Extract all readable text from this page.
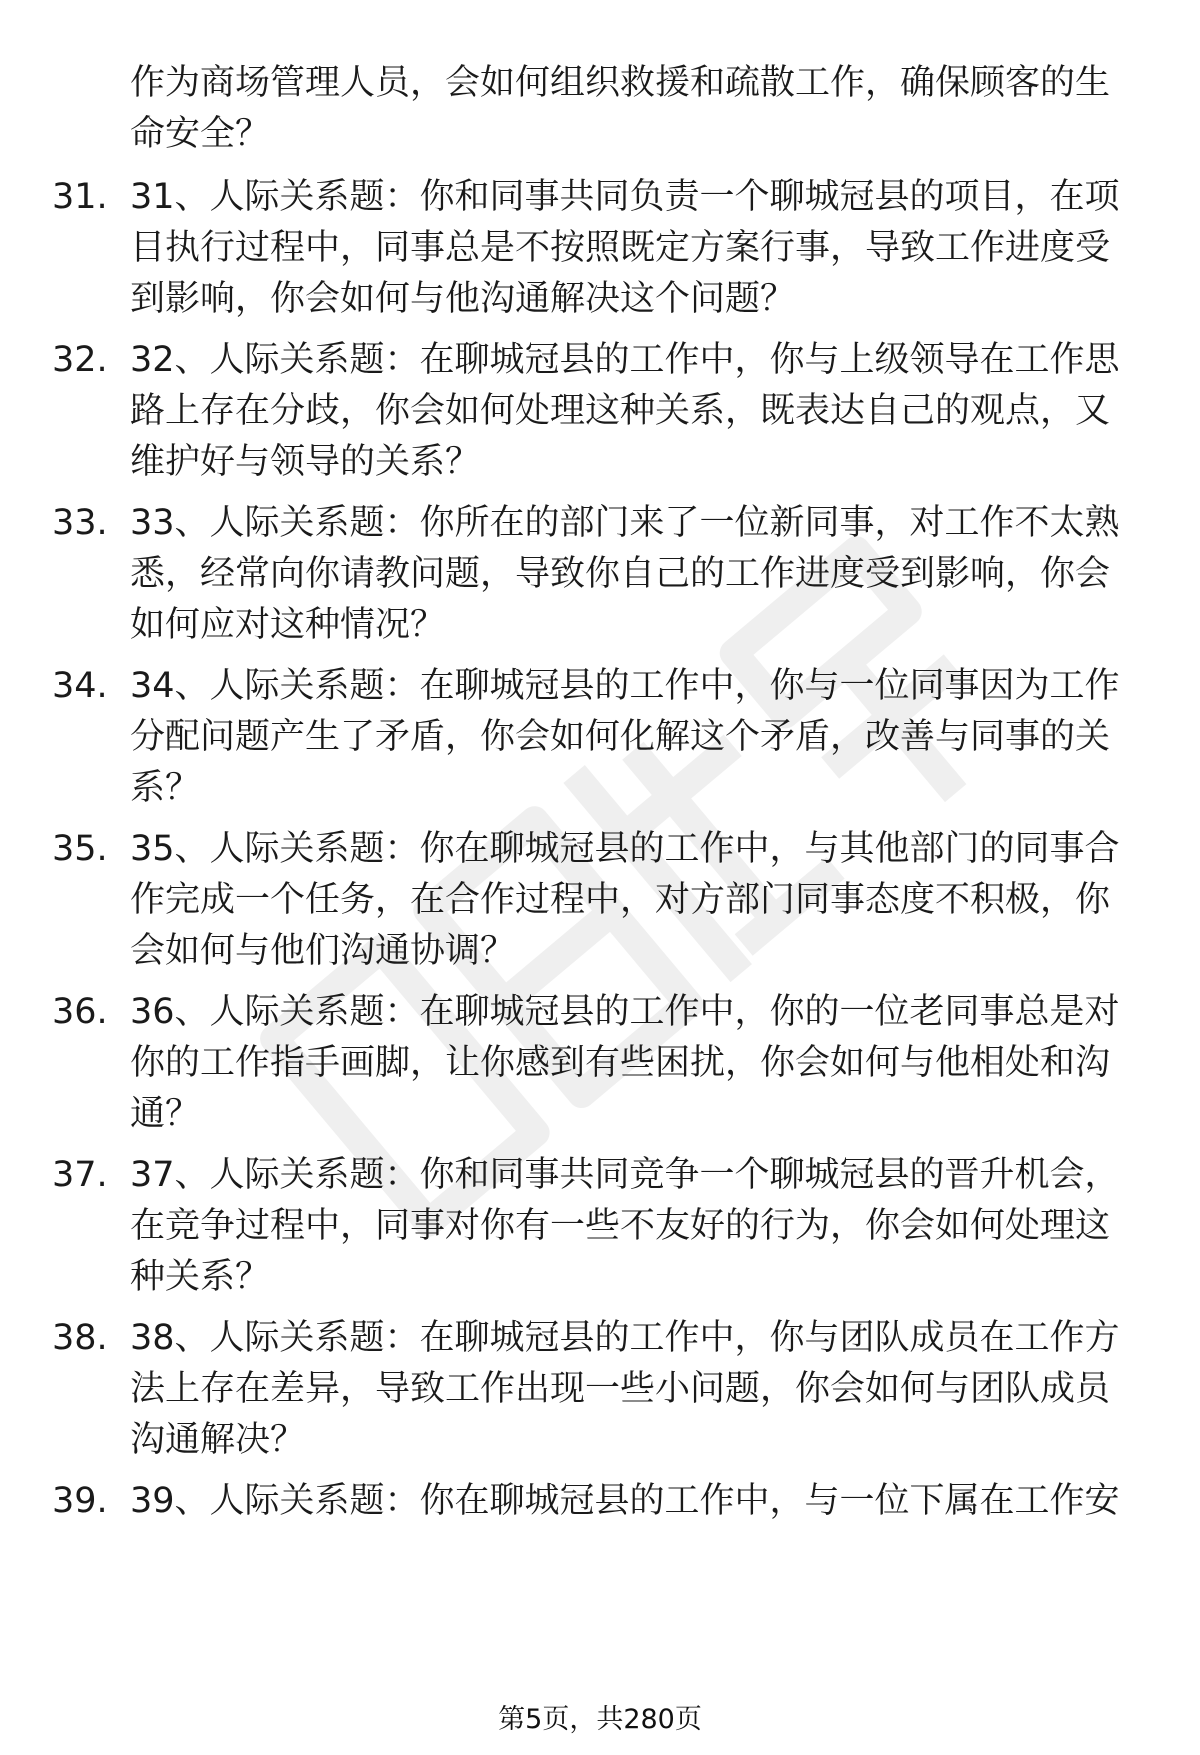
作为商场管理人员，会如何组织救援和疏散工作，确保顾客的生命安全？

31. 31、人际关系题：你和同事共同负责一个聊城冠县的项目，在项目执行过程中，同事总是不按照既定方案行事，导致工作进度受到影响，你会如何与他沟通解决这个问题？

32. 32、人际关系题：在聊城冠县的工作中，你与上级领导在工作思路上存在分歧，你会如何处理这种关系，既表达自己的观点，又维护好与领导的关系？

33. 33、人际关系题：你所在的部门来了一位新同事，对工作不太熟悉，经常向你请教问题，导致你自己的工作进度受到影响，你会如何应对这种情况？

34. 34、人际关系题：在聊城冠县的工作中，你与一位同事因为工作分配问题产生了矛盾，你会如何化解这个矛盾，改善与同事的关系？

35. 35、人际关系题：你在聊城冠县的工作中，与其他部门的同事合作完成一个任务，在合作过程中，对方部门同事态度不积极，你会如何与他们沟通协调？

36. 36、人际关系题：在聊城冠县的工作中，你的一位老同事总是对你的工作指手画脚，让你感到有些困扰，你会如何与他相处和沟通？

37. 37、人际关系题：你和同事共同竞争一个聊城冠县的晋升机会，在竞争过程中，同事对你有一些不友好的行为，你会如何处理这种关系？

38. 38、人际关系题：在聊城冠县的工作中，你与团队成员在工作方法上存在差异，导致工作出现一些小问题，你会如何与团队成员沟通解决？

39. 39、人际关系题：你在聊城冠县的工作中，与一位下属在工作安

第5页，共280页
